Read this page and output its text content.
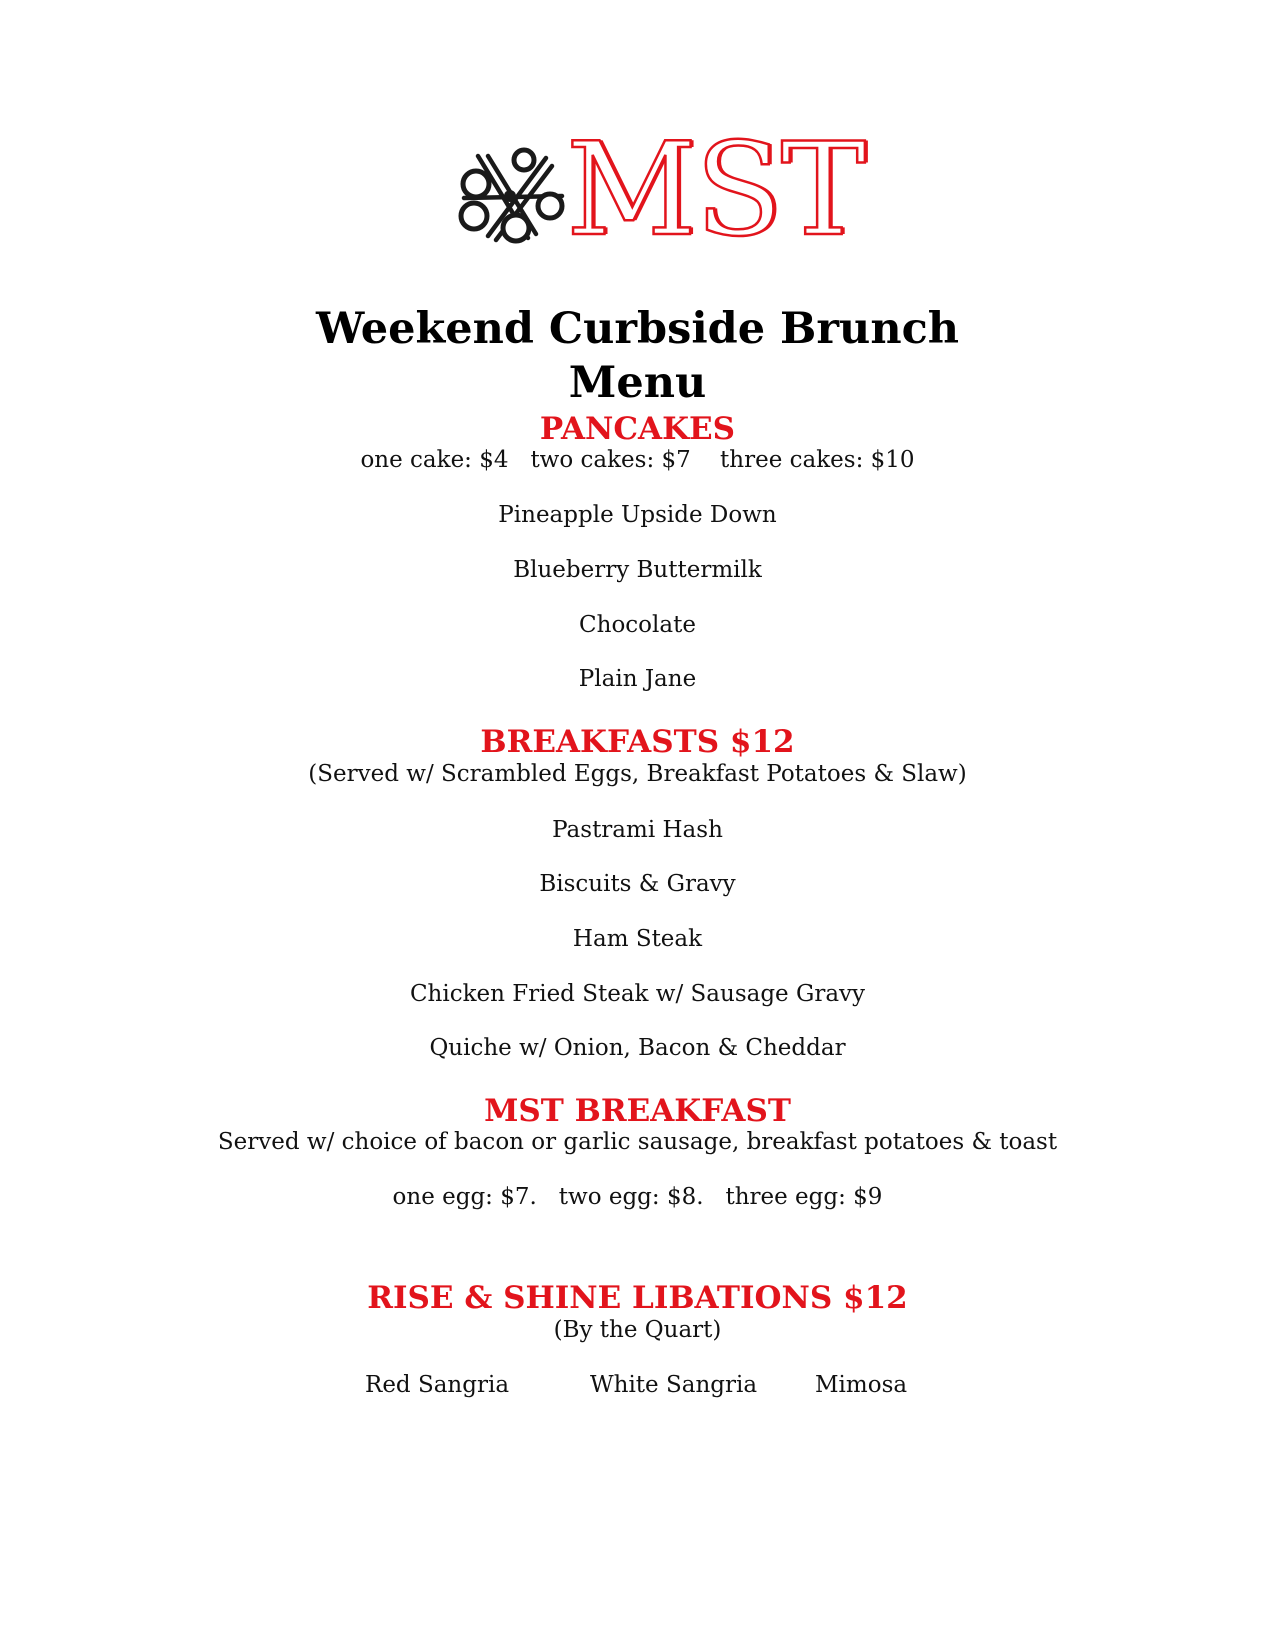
MST
Weekend Curbside Brunch
Menu
PANCAKES
one cake: $4   two cakes: $7    three cakes: $10
Pineapple Upside Down
Blueberry Buttermilk
Chocolate
Plain Jane
BREAKFASTS $12
(Served w/ Scrambled Eggs, Breakfast Potatoes & Slaw)
Pastrami Hash
Biscuits & Gravy
Ham Steak
Chicken Fried Steak w/ Sausage Gravy
Quiche w/ Onion, Bacon & Cheddar
MST BREAKFAST
Served w/ choice of bacon or garlic sausage, breakfast potatoes & toast
one egg: $7.   two egg: $8.   three egg: $9
RISE & SHINE LIBATIONS $12
(By the Quart)
Red Sangria	White Sangria	Mimosa
